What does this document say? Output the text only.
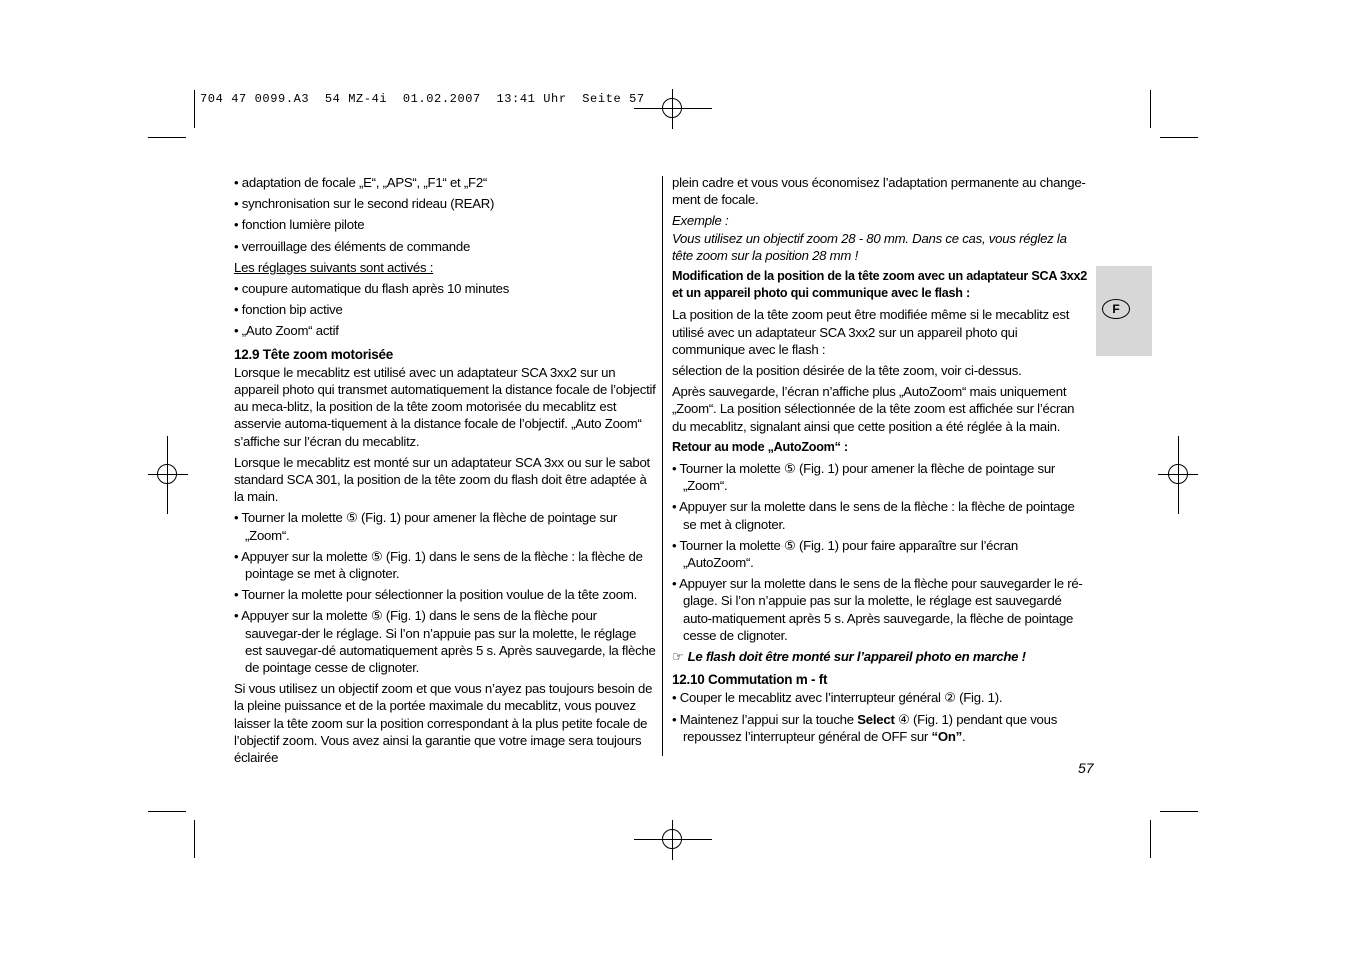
704 47 0099.A3  54 MZ-4i  01.02.2007  13:41 Uhr  Seite 57
F

• adaptation de focale „E“, „APS“, „F1“ et „F2“

• synchronisation sur le second rideau (REAR)

• fonction lumière pilote

• verrouillage des éléments de commande

Les réglages suivants sont activés :

• coupure automatique du flash après 10 minutes

• fonction bip active

• „Auto Zoom“ actif

12.9 Tête zoom motorisée

Lorsque le mecablitz est utilisé avec un adaptateur SCA 3xx2 sur un appareil photo qui transmet automatiquement la distance focale de l’objectif au meca-blitz, la position de la tête zoom motorisée du mecablitz est asservie automa-tiquement à la distance focale de l’objectif. „Auto Zoom“ s’affiche sur l’écran du mecablitz.

Lorsque le mecablitz est monté sur un adaptateur SCA 3xx ou sur le sabot standard SCA 301, la position de la tête zoom du flash doit être adaptée à la main.

• Tourner la molette ⑤ (Fig. 1) pour amener la flèche de pointage sur „Zoom“.

• Appuyer sur la molette ⑤ (Fig. 1) dans le sens de la flèche : la flèche de pointage se met à clignoter.

• Tourner la molette pour sélectionner la position voulue de la tête zoom.

• Appuyer sur la molette ⑤ (Fig. 1) dans le sens de la flèche pour sauvegar-der le réglage. Si l’on n’appuie pas sur la molette, le réglage est sauvegar-dé automatiquement après 5 s. Après sauvegarde, la flèche de pointage cesse de clignoter.

Si vous utilisez un objectif zoom et que vous n’ayez pas toujours besoin de la pleine puissance et de la portée maximale du mecablitz, vous pouvez laisser la tête zoom sur la position correspondant à la plus petite focale de l’objectif zoom. Vous avez ainsi la garantie que votre image sera toujours éclairée

plein cadre et vous vous économisez l’adaptation permanente au change-ment de focale.

Exemple :

Vous utilisez un objectif zoom 28 - 80 mm. Dans ce cas, vous réglez la tête zoom sur la position 28 mm !

Modification de la position de la tête zoom avec un adaptateur SCA 3xx2 et un appareil photo qui communique avec le flash :

La position de la tête zoom peut être modifiée même si le mecablitz est utilisé avec un adaptateur SCA 3xx2 sur un appareil photo qui communique avec le flash :

sélection de la position désirée de la tête zoom, voir ci-dessus.

Après sauvegarde, l’écran n’affiche plus „AutoZoom“ mais uniquement „Zoom“. La position sélectionnée de la tête zoom est affichée sur l’écran du mecablitz, signalant ainsi que cette position a été réglée à la main.

Retour au mode „AutoZoom“ :

• Tourner la molette ⑤ (Fig. 1) pour amener la flèche de pointage sur „Zoom“.

• Appuyer sur la molette dans le sens de la flèche : la flèche de pointage se met à clignoter.

• Tourner la molette ⑤ (Fig. 1) pour faire apparaître sur l’écran „AutoZoom“.

• Appuyer sur la molette dans le sens de la flèche pour sauvegarder le ré-glage. Si l’on n’appuie pas sur la molette, le réglage est sauvegardé auto-matiquement après 5 s. Après sauvegarde, la flèche de pointage cesse de clignoter.

☞ Le flash doit être monté sur l’appareil photo en marche !

12.10 Commutation m - ft

• Couper le mecablitz avec l’interrupteur général ② (Fig. 1).

• Maintenez l’appui sur la touche Select ④ (Fig. 1) pendant que vous repoussez l’interrupteur général de OFF sur “On”.

57
